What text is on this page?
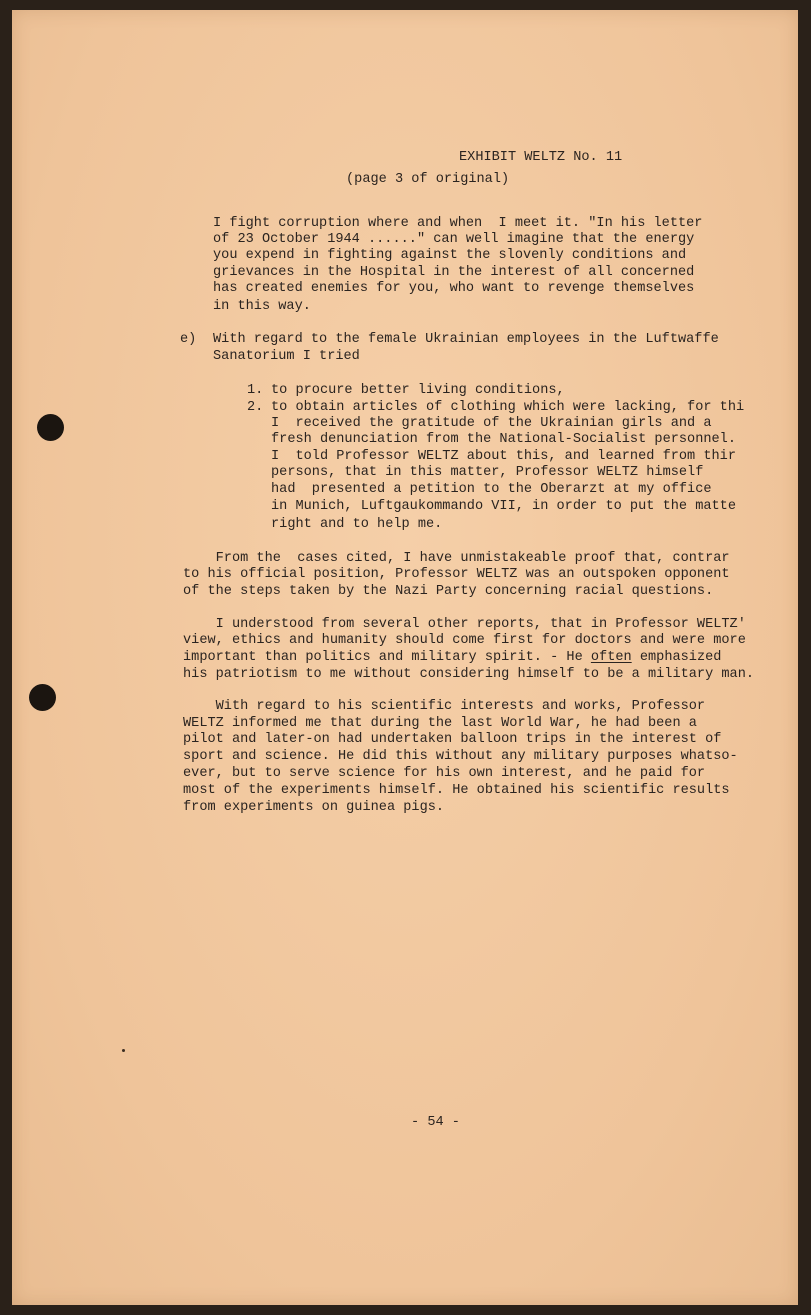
EXHIBIT WELTZ No. 11

(page 3 of original)

I fight corruption where and when  I meet it. "In his letter

of 23 October 1944 ......" can well imagine that the energy

you expend in fighting against the slovenly conditions and

grievances in the Hospital in the interest of all concerned

has created enemies for you, who want to revenge themselves

in this way.

e) With regard to the female Ukrainian employees in the Luftwaffe

Sanatorium I tried

1. to procure better living conditions,

2. to obtain articles of clothing which were lacking, for thi

I  received the gratitude of the Ukrainian girls and a

fresh denunciation from the National-Socialist personnel.

I  told Professor WELTZ about this, and learned from thir

persons, that in this matter, Professor WELTZ himself

had  presented a petition to the Oberarzt at my office

in Munich, Luftgaukommando VII, in order to put the matte

right and to help me.

From the  cases cited, I have unmistakeable proof that, contrar

to his official position, Professor WELTZ was an outspoken opponent

of the steps taken by the Nazi Party concerning racial questions.

I understood from several other reports, that in Professor WELTZ'

view, ethics and humanity should come first for doctors and were more

important than politics and military spirit. - He often emphasized

his patriotism to me without considering himself to be a military man.

With regard to his scientific interests and works, Professor

WELTZ informed me that during the last World War, he had been a

pilot and later-on had undertaken balloon trips in the interest of

sport and science. He did this without any military purposes whatso-

ever, but to serve science for his own interest, and he paid for

most of the experiments himself. He obtained his scientific results

from experiments on guinea pigs.

- 54 -
